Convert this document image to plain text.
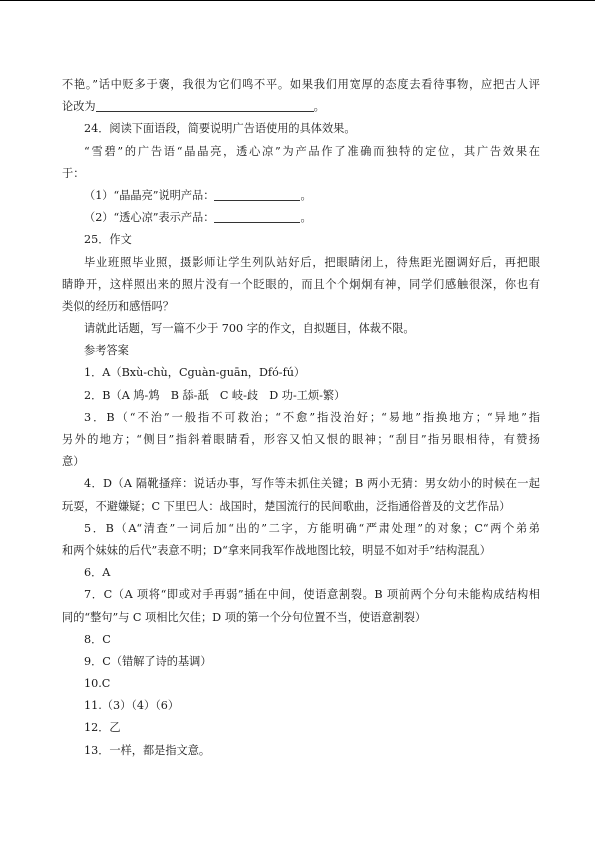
不艳。”话中贬多于褒，我很为它们鸣不平。如果我们用宽厚的态度去看待事物，应把古人评
论改为	。
24．阅读下面语段，简要说明广告语使用的具体效果。
“雪碧”的广告语“晶晶亮，透心凉”为产品作了准确而独特的定位，其广告效果在
于：
（1）“晶晶亮”说明产品：	。
（2）“透心凉”表示产品：	。
25．作文
毕业班照毕业照，摄影师让学生列队站好后，把眼睛闭上，待焦距光圈调好后，再把眼
睛睁开，这样照出来的照片没有一个眨眼的，而且个个炯炯有神，同学们感触很深，你也有
类似的经历和感悟吗？
请就此话题，写一篇不少于 700 字的作文，自拟题目，体裁不限。
参考答案
1．A（Bxù-chù，Cguàn-guān，Dfó-fú）
2．B（A 鸠-鸩　B 舔-舐　C 岐-歧　D 功-工烦-繁）
3．B（“不治”一般指不可救治；“不愈”指没治好；“易地”指换地方；“异地”指
另外的地方；“侧目”指斜着眼睛看，形容又怕又恨的眼神；“刮目”指另眼相待，有赞扬
意）
4．D（A 隔靴搔痒：说话办事，写作等未抓住关键；B 两小无猜：男女幼小的时候在一起
玩耍，不避嫌疑；C 下里巴人：战国时，楚国流行的民间歌曲，泛指通俗普及的文艺作品）
5．B（A“清查”一词后加“出的”二字，方能明确“严肃处理”的对象；C“两个弟弟
和两个妹妹的后代”表意不明；D“拿来同我军作战地图比较，明显不如对手”结构混乱）
6．A
7．C（A 项将“即或对手再弱”插在中间，使语意割裂。B 项前两个分句未能构成结构相
同的“整句”与 C 项相比欠佳；D 项的第一个分句位置不当，使语意割裂）
8．C
9．C（错解了诗的基调）
10.C
11.（3）（4）（6）
12．乙
13．一样，都是指文意。
